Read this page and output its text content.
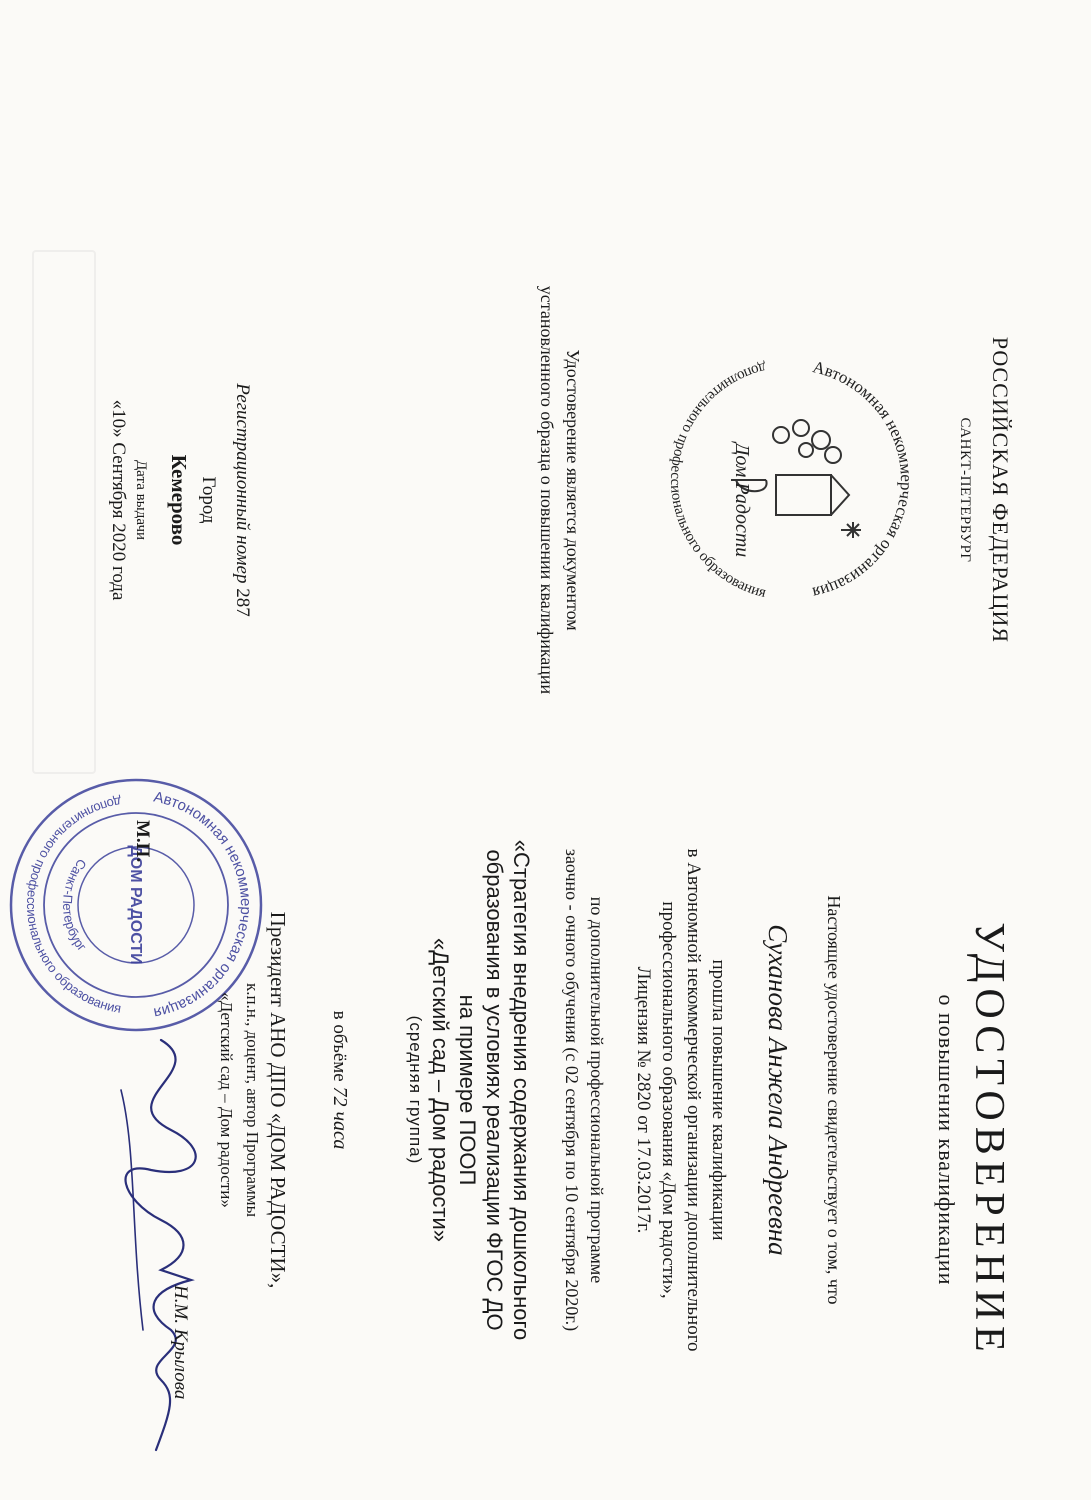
РОССИЙСКАЯ ФЕДЕРАЦИЯ
САНКТ-ПЕТЕРБУРГ
Автономная некоммерческая организация
дополнительного профессионального образования
Дом Радости
Удостоверение является документом
установленного образца о повышении квалификации
Регистрационный номер 287
Город
Кемерово
Дата выдачи
«10» Сентября 2020 года
УДОСТОВЕРЕНИЕ
о повышении квалификации
Настоящее удостоверение свидетельствует о том, что
Суханова Анжела Андреевна
прошла повышение квалификации
в Автономной некоммерческой организации дополнительного
профессионального образования «Дом радости»,
Лицензия № 2820 от 17.03.2017г.
по дополнительной профессиональной программе
заочно - очного обучения (с 02 сентября по 10 сентября 2020г.)
«Стратегия внедрения содержания дошкольного
образования в условиях реализации ФГОС ДО
на примере ПООП
«Детский сад – Дом радости»
(средняя группа)
в объёме 72 часа
Автономная некоммерческая организация
дополнительного профессионального образования
Санкт-Петербург ДОМ РАДОСТИ
Президент АНО ДПО «ДОМ РАДОСТИ»,
к.п.н., доцент, автор Программы
«Детский сад – Дом радости»
М.П.
Н.М. Крылова
